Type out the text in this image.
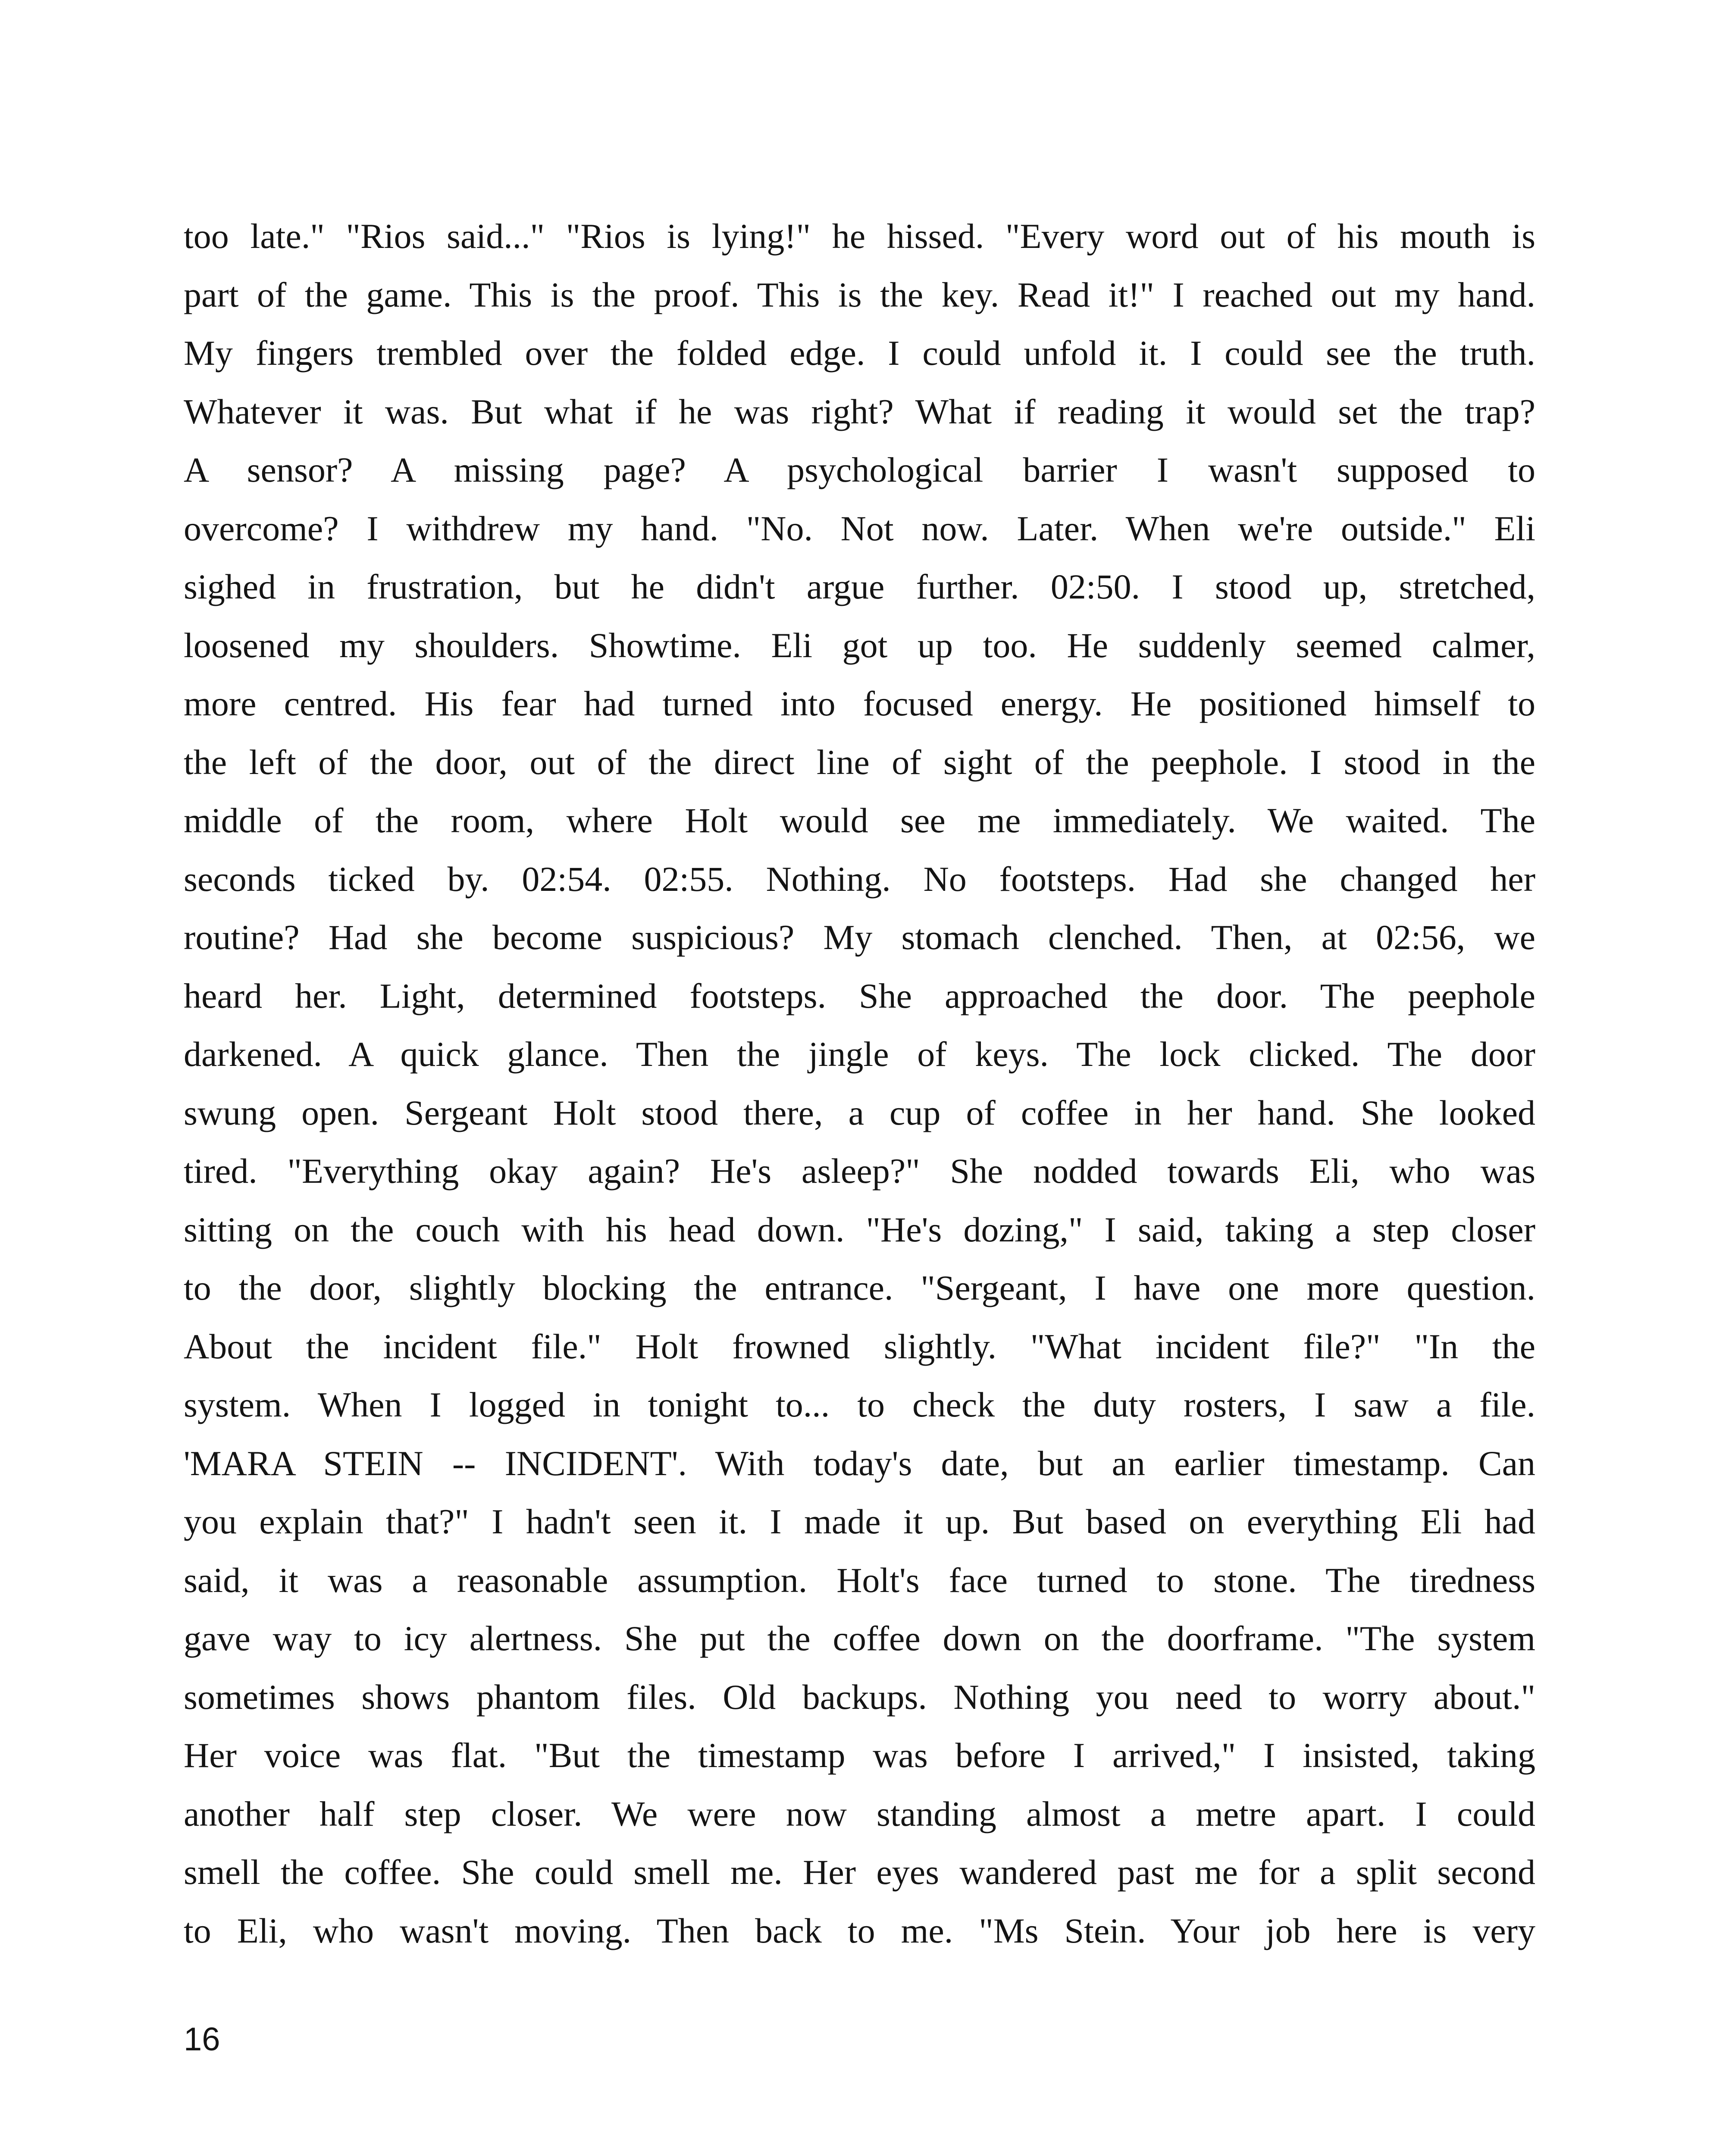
too late." "Rios said..." "Rios is lying!" he hissed. "Every word out of his mouth is
part of the game. This is the proof. This is the key. Read it!" I reached out my hand.
My fingers trembled over the folded edge. I could unfold it. I could see the truth.
Whatever it was. But what if he was right? What if reading it would set the trap?
A sensor? A missing page? A psychological barrier I wasn't supposed to
overcome? I withdrew my hand. "No. Not now. Later. When we're outside." Eli
sighed in frustration, but he didn't argue further. 02:50. I stood up, stretched,
loosened my shoulders. Showtime. Eli got up too. He suddenly seemed calmer,
more centred. His fear had turned into focused energy. He positioned himself to
the left of the door, out of the direct line of sight of the peephole. I stood in the
middle of the room, where Holt would see me immediately. We waited. The
seconds ticked by. 02:54. 02:55. Nothing. No footsteps. Had she changed her
routine? Had she become suspicious? My stomach clenched. Then, at 02:56, we
heard her. Light, determined footsteps. She approached the door. The peephole
darkened. A quick glance. Then the jingle of keys. The lock clicked. The door
swung open. Sergeant Holt stood there, a cup of coffee in her hand. She looked
tired. "Everything okay again? He's asleep?" She nodded towards Eli, who was
sitting on the couch with his head down. "He's dozing," I said, taking a step closer
to the door, slightly blocking the entrance. "Sergeant, I have one more question.
About the incident file." Holt frowned slightly. "What incident file?" "In the
system. When I logged in tonight to... to check the duty rosters, I saw a file.
'MARA STEIN -- INCIDENT'. With today's date, but an earlier timestamp. Can
you explain that?" I hadn't seen it. I made it up. But based on everything Eli had
said, it was a reasonable assumption. Holt's face turned to stone. The tiredness
gave way to icy alertness. She put the coffee down on the doorframe. "The system
sometimes shows phantom files. Old backups. Nothing you need to worry about."
Her voice was flat. "But the timestamp was before I arrived," I insisted, taking
another half step closer. We were now standing almost a metre apart. I could
smell the coffee. She could smell me. Her eyes wandered past me for a split second
to Eli, who wasn't moving. Then back to me. "Ms Stein. Your job here is very
16
